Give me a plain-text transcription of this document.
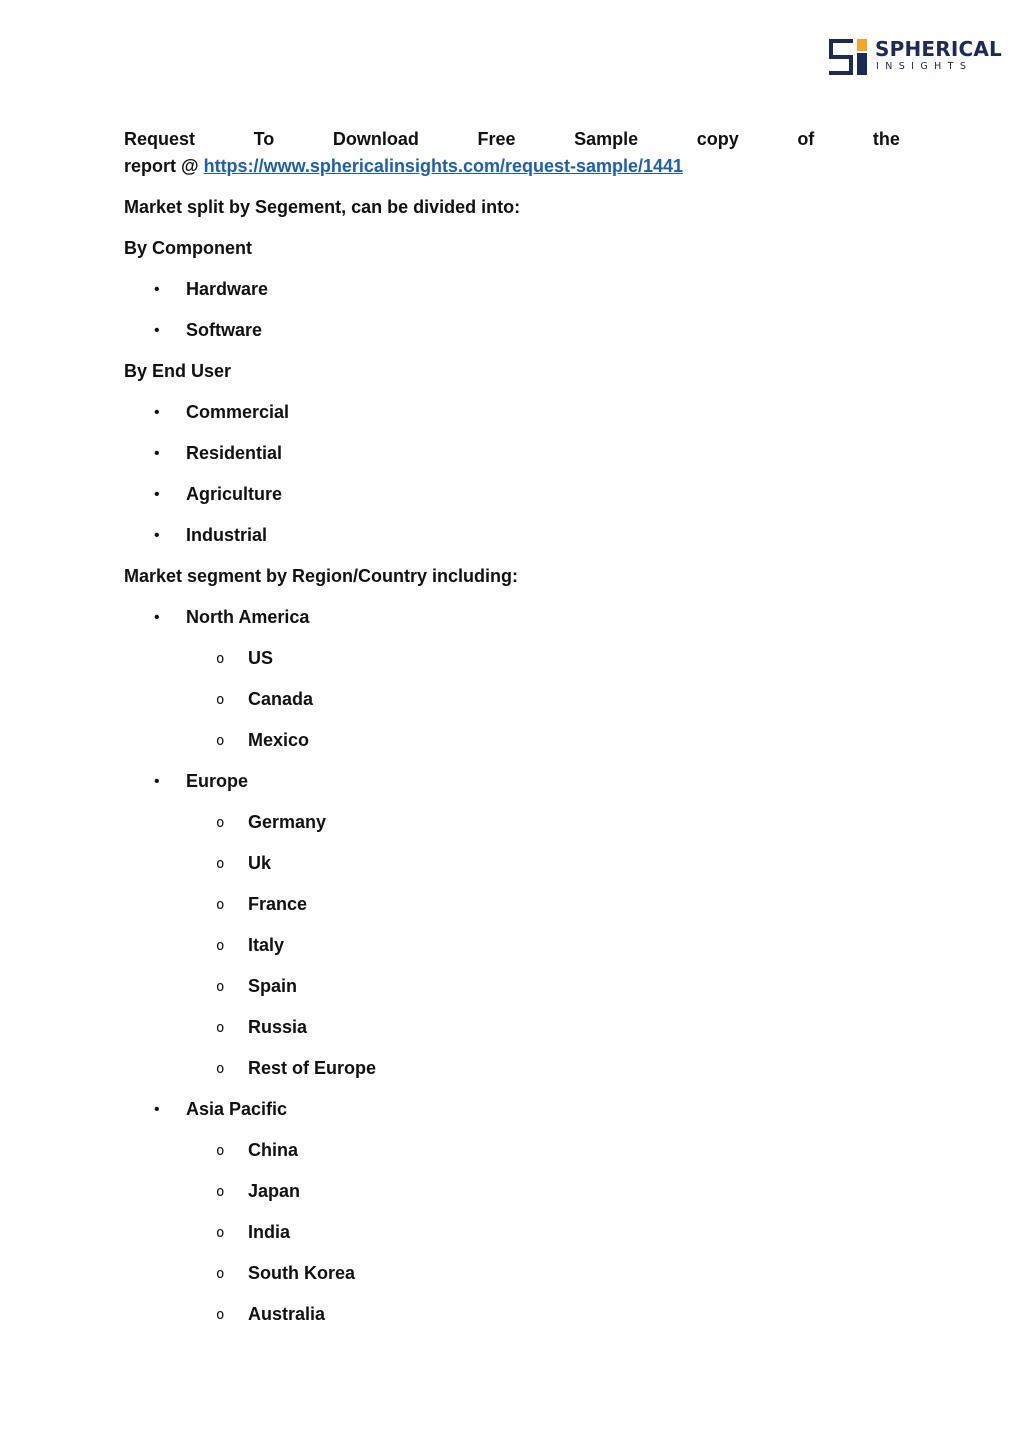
SPHERICAL
INSIGHTS
Request	To	Download	Free	Sample	copy	of	the
report @ https://www.sphericalinsights.com/request-sample/1441
Market split by Segement, can be divided into:
By Component
• Hardware
• Software
By End User
• Commercial
• Residential
• Agriculture
• Industrial
Market segment by Region/Country including:
• North America
o US
o Canada
o Mexico
• Europe
o Germany
o Uk
o France
o Italy
o Spain
o Russia
o Rest of Europe
• Asia Pacific
o China
o Japan
o India
o South Korea
o Australia
